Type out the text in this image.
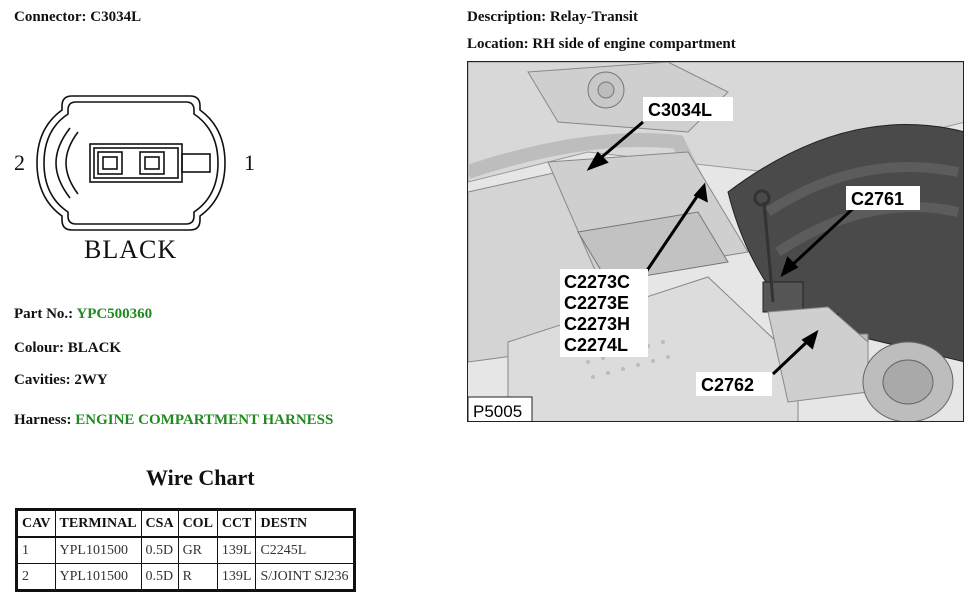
Connector: C3034L	Description: Relay-Transit
Location: RH side of engine compartment
2	1
BLACK
C3034L
C2761
C2273C
C2273E
C2273H
C2274L
C2762
P5005
Part No.: YPC500360
Colour: BLACK
Cavities: 2WY
Harness: ENGINE COMPARTMENT HARNESS
Wire Chart
CAV	TERMINAL	CSA	COL	CCT	DESTN
1	YPL101500	0.5D	GR	139L	C2245L
2	YPL101500	0.5D	R	139L	S/JOINT SJ236
